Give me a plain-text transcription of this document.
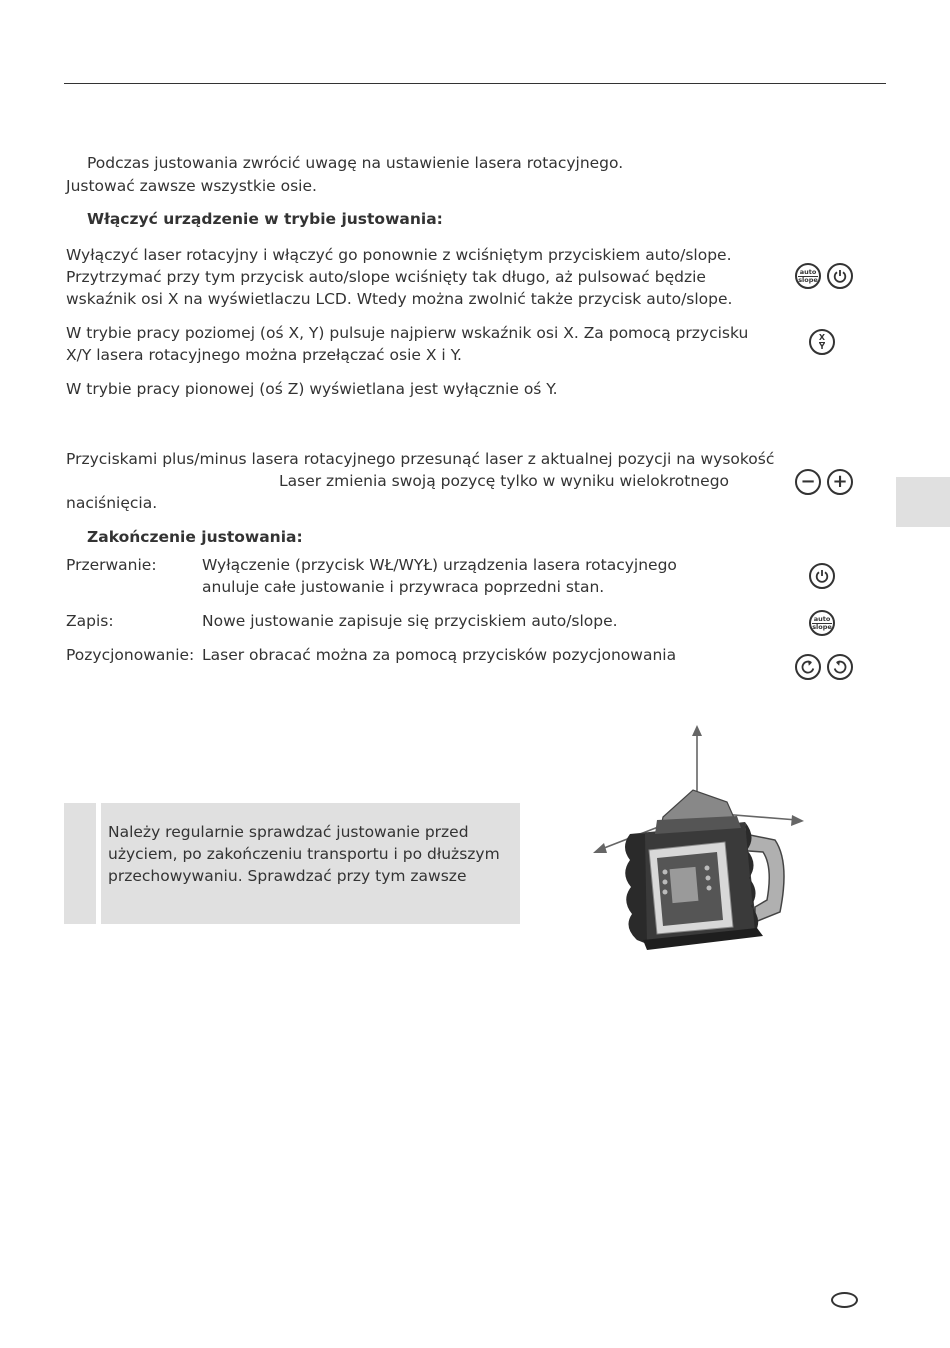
Podczas justowania zwrócić uwagę na ustawienie lasera rotacyjnego.
Justować zawsze wszystkie osie.
Włączyć urządzenie w trybie justowania:
Wyłączyć laser rotacyjny i włączyć go ponownie z wciśniętym przyciskiem auto/slope.
Przytrzymać przy tym przycisk auto/slope wciśnięty tak długo, aż pulsować będzie
wskaźnik osi X na wyświetlaczu LCD. Wtedy można zwolnić także przycisk auto/slope.
auto
slope
W trybie pracy poziomej (oś X, Y) pulsuje najpierw wskaźnik osi X. Za pomocą przycisku
X/Y lasera rotacyjnego można przełączać osie X i Y.
X
Y
W trybie pracy pionowej (oś Z) wyświetlana jest wyłącznie oś Y.
Przyciskami plus/minus lasera rotacyjnego przesunąć laser z aktualnej pozycji na wysokość
Laser zmienia swoją pozycę tylko w wyniku wielokrotnego
naciśnięcia.
− +
Zakończenie justowania:
Przerwanie:	Wyłączenie (przycisk WŁ/WYŁ) urządzenia lasera rotacyjnego
anuluje całe justowanie i przywraca poprzedni stan.
Zapis:	Nowe justowanie zapisuje się przyciskiem auto/slope.	auto
slope
Pozycjonowanie: Laser obracać można za pomocą przycisków pozycjonowania
Należy regularnie sprawdzać justowanie przed
użyciem, po zakończeniu transportu i po dłuższym
przechowywaniu. Sprawdzać przy tym zawsze
